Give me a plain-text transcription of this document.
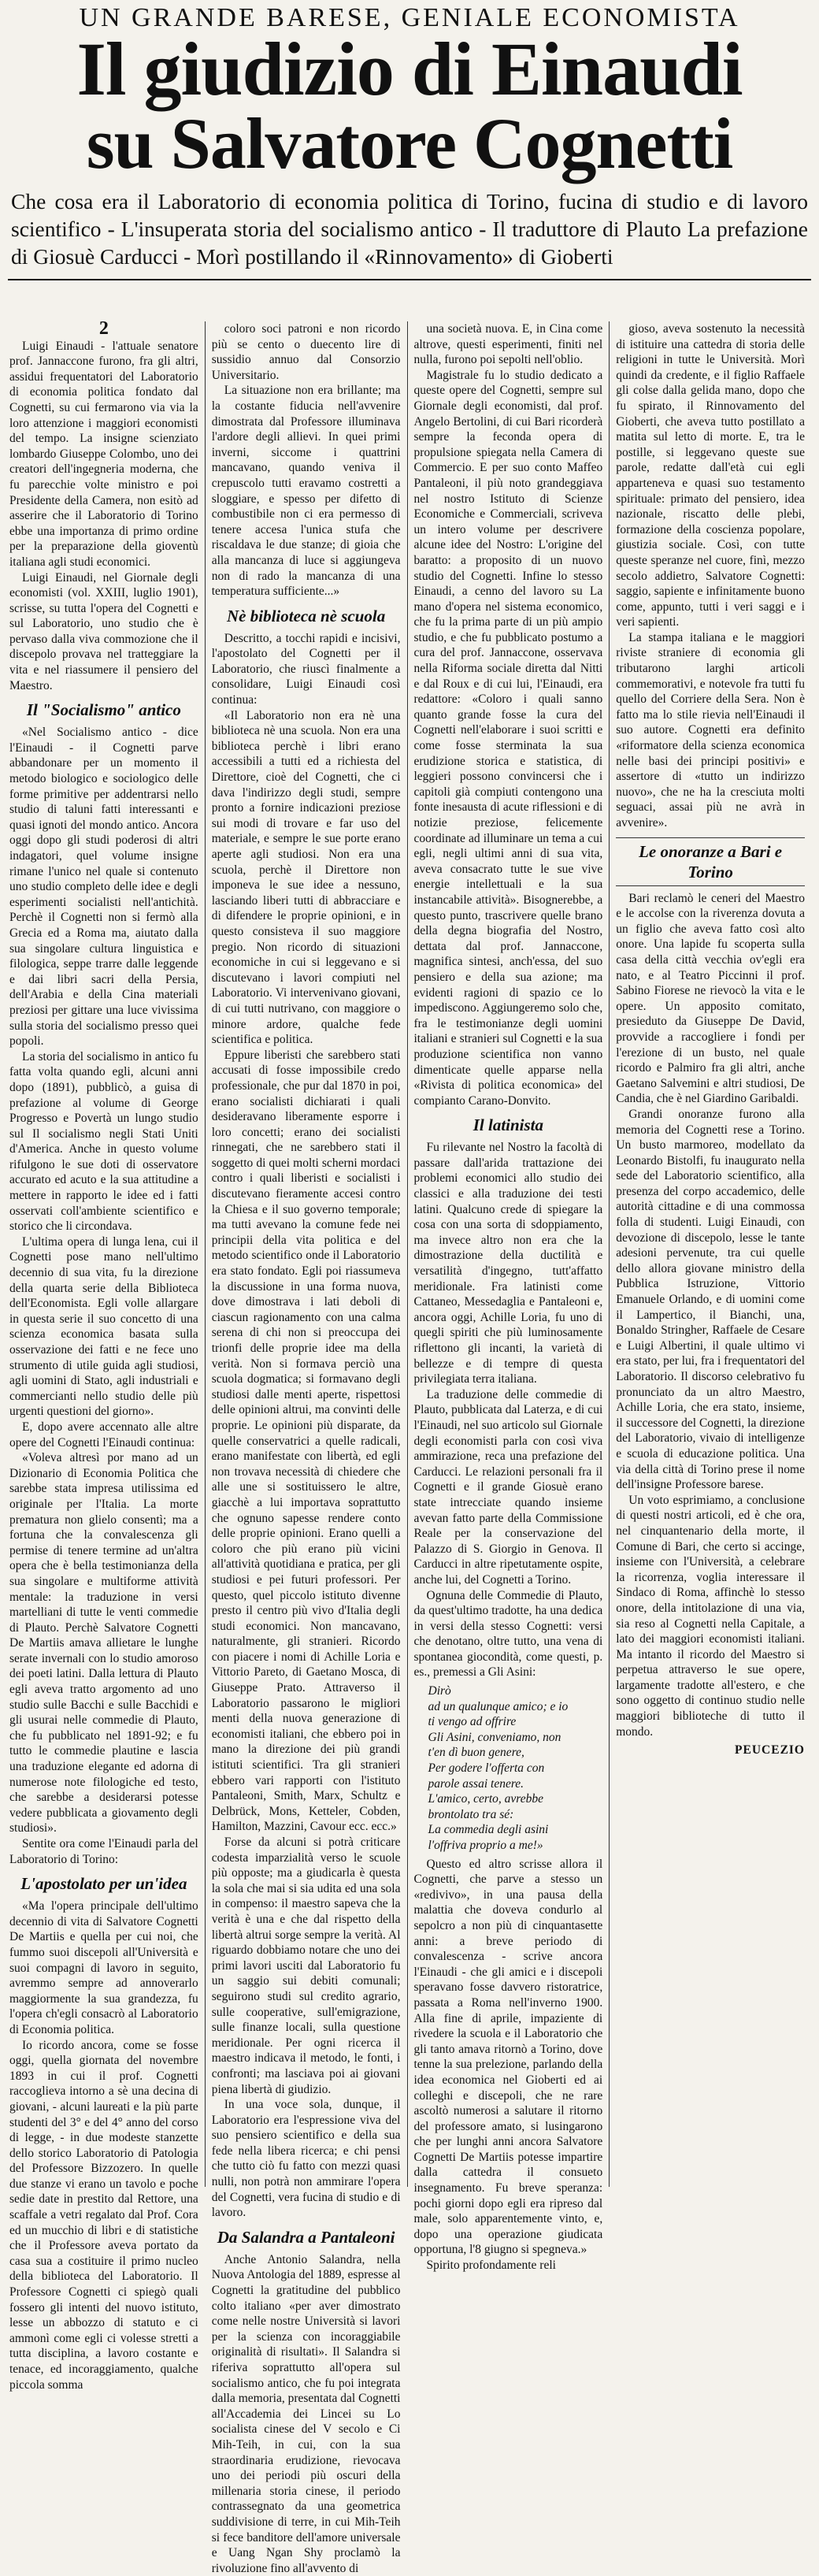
UN GRANDE BARESE, GENIALE ECONOMISTA
Il giudizio di Einaudi
su Salvatore Cognetti
Che cosa era il Laboratorio di economia politica di Torino, fucina di studio e di lavoro scientifico - L'insuperata storia del socialismo antico - Il traduttore di Plauto La prefazione di Giosuè Carducci - Morì postillando il «Rinnovamento» di Gioberti
2

Luigi Einaudi - l'attuale senatore prof. Jannaccone furono, fra gli altri, assidui frequentatori del Laboratorio di economia politica fondato dal Cognetti, su cui fermarono via via la loro attenzione i maggiori economisti del tempo. La insigne scienziato lombardo Giuseppe Colombo, uno dei creatori dell'ingegneria moderna, che fu parecchie volte ministro e poi Presidente della Camera, non esitò ad asserire che il Laboratorio di Torino ebbe una importanza di primo ordine per la preparazione della gioventù italiana agli studi economici.

Luigi Einaudi, nel Giornale degli economisti (vol. XXIII, luglio 1901), scrisse, su tutta l'opera del Cognetti e sul Laboratorio, uno studio che è pervaso dalla viva commozione che il discepolo provava nel tratteggiare la vita e nel riassumere il pensiero del Maestro.

Il "Socialismo" antico

«Nel Socialismo antico - dice l'Einaudi - il Cognetti parve abbandonare per un momento il metodo biologico e sociologico delle forme primitive per addentrarsi nello studio di taluni fatti interessanti e quasi ignoti del mondo antico. Ancora oggi dopo gli studi poderosi di altri indagatori, quel volume insigne rimane l'unico nel quale si contenuto uno studio completo delle idee e degli esperimenti socialisti nell'antichità. Perchè il Cognetti non si fermò alla Grecia ed a Roma ma, aiutato dalla sua singolare cultura linguistica e filologica, seppe trarre dalle leggende e dai libri sacri della Persia, dell'Arabia e della Cina materiali preziosi per gittare una luce vivissima sulla storia del socialismo presso quei popoli.

La storia del socialismo in antico fu fatta volta quando egli, alcuni anni dopo (1891), pubblicò, a guisa di prefazione al volume di George Progresso e Povertà un lungo studio sul Il socialismo negli Stati Uniti d'America. Anche in questo volume rifulgono le sue doti di osservatore accurato ed acuto e la sua attitudine a mettere in rapporto le idee ed i fatti osservati coll'ambiente scientifico e storico che li circondava.

L'ultima opera di lunga lena, cui il Cognetti pose mano nell'ultimo decennio di sua vita, fu la direzione della quarta serie della Biblioteca dell'Economista. Egli volle allargare in questa serie il suo concetto di una scienza economica basata sulla osservazione dei fatti e ne fece uno strumento di utile guida agli studiosi, agli uomini di Stato, agli industriali e commercianti nello studio delle più urgenti questioni del giorno».

E, dopo avere accennato alle altre opere del Cognetti l'Einaudi continua:

«Voleva altresì por mano ad un Dizionario di Economia Politica che sarebbe stata impresa utilissima ed originale per l'Italia. La morte prematura non glielo consentì; ma a fortuna che la convalescenza gli permise di tenere termine ad un'altra opera che è bella testimonianza della sua singolare e multiforme attività mentale: la traduzione in versi martelliani di tutte le venti commedie di Plauto. Perchè Salvatore Cognetti De Martiis amava allietare le lunghe serate invernali con lo studio amoroso dei poeti latini. Dalla lettura di Plauto egli aveva tratto argomento ad uno studio sulle Bacchi e sulle Bacchidi e gli usurai nelle commedie di Plauto, che fu pubblicato nel 1891-92; e fu tutto le commedie plautine e lascia una traduzione elegante ed adorna di numerose note filologiche ed testo, che sarebbe a desiderarsi potesse vedere pubblicata a giovamento degli studiosi».

Sentite ora come l'Einaudi parla del Laboratorio di Torino:

L'apostolato per un'idea

«Ma l'opera principale dell'ultimo decennio di vita di Salvatore Cognetti De Martiis e quella per cui noi, che fummo suoi discepoli all'Università e suoi compagni di lavoro in seguito, avremmo sempre ad annoverarlo maggiormente la sua grandezza, fu l'opera ch'egli consacrò al Laboratorio di Economia politica.

Io ricordo ancora, come se fosse oggi, quella giornata del novembre 1893 in cui il prof. Cognetti raccoglieva intorno a sè una decina di giovani, - alcuni laureati e la più parte studenti del 3° e del 4° anno del corso di legge, - in due modeste stanzette dello storico Laboratorio di Patologia del Professore Bizzozero. In quelle due stanze vi erano un tavolo e poche sedie date in prestito dal Rettore, una scaffale a vetri regalato dal Prof. Cora ed un mucchio di libri e di statistiche che il Professore aveva portato da casa sua a costituire il primo nucleo della biblioteca del Laboratorio. Il Professore Cognetti ci spiegò quali fossero gli intenti del nuovo istituto, lesse un abbozzo di statuto e ci ammonì come egli ci volesse stretti a tutta disciplina, a lavoro costante e tenace, ed incoraggiamento, qualche piccola somma

coloro soci patroni e non ricordo più se cento o duecento lire di sussidio annuo dal Consorzio Universitario.

La situazione non era brillante; ma la costante fiducia nell'avvenire dimostrata dal Professore illuminava l'ardore degli allievi. In quei primi inverni, siccome i quattrini mancavano, quando veniva il crepuscolo tutti eravamo costretti a sloggiare, e spesso per difetto di combustibile non ci era permesso di tenere accesa l'unica stufa che riscaldava le due stanze; di gioia che alla mancanza di luce si aggiungeva non di rado la mancanza di una temperatura sufficiente...»

Nè biblioteca nè scuola

Descritto, a tocchi rapidi e incisivi, l'apostolato del Cognetti per il Laboratorio, che riuscì finalmente a consolidare, Luigi Einaudi così continua:

«Il Laboratorio non era nè una biblioteca nè una scuola. Non era una biblioteca perchè i libri erano accessibili a tutti ed a richiesta del Direttore, cioè del Cognetti, che ci dava l'indirizzo degli studi, sempre pronto a fornire indicazioni preziose sui modi di trovare e far uso del materiale, e sempre le sue porte erano aperte agli studiosi. Non era una scuola, perchè il Direttore non imponeva le sue idee a nessuno, lasciando liberi tutti di abbracciare e di difendere le proprie opinioni, e in questo consisteva il suo maggiore pregio. Non ricordo di situazioni economiche in cui si leggevano e si discutevano i lavori compiuti nel Laboratorio. Vi intervenivano giovani, di cui tutti nutrivano, con maggiore o minore ardore, qualche fede scientifica e politica.

Eppure liberisti che sarebbero stati accusati di fosse impossibile credo professionale, che pur dal 1870 in poi, erano socialisti dichiarati i quali desideravano liberamente esporre i loro concetti; erano dei socialisti rinnegati, che ne sarebbero stati il soggetto di quei molti scherni mordaci contro i quali liberisti e socialisti i discutevano fieramente accesi contro la Chiesa e il suo governo temporale; ma tutti avevano la comune fede nei principii della vita politica e del metodo scientifico onde il Laboratorio era stato fondato. Egli poi riassumeva la discussione in una forma nuova, dove dimostrava i lati deboli di ciascun ragionamento con una calma serena di chi non si preoccupa dei trionfi delle proprie idee ma della verità. Non si formava perciò una scuola dogmatica; si formavano degli studiosi dalle menti aperte, rispettosi delle opinioni altrui, ma convinti delle proprie. Le opinioni più disparate, da quelle conservatrici a quelle radicali, erano manifestate con libertà, ed egli non trovava necessità di chiedere che alle une si sostituissero le altre, giacchè a lui importava soprattutto che ognuno sapesse rendere conto delle proprie opinioni. Erano quelli a coloro che più erano più vicini all'attività quotidiana e pratica, per gli studiosi e pei futuri professori. Per questo, quel piccolo istituto divenne presto il centro più vivo d'Italia degli studi economici. Non mancavano, naturalmente, gli stranieri. Ricordo con piacere i nomi di Achille Loria e Vittorio Pareto, di Gaetano Mosca, di Giuseppe Prato. Attraverso il Laboratorio passarono le migliori menti della nuova generazione di economisti italiani, che ebbero poi in mano la direzione dei più grandi istituti scientifici. Tra gli stranieri ebbero vari rapporti con l'istituto Pantaleoni, Smith, Marx, Schultz e Delbrück, Mons, Ketteler, Cobden, Hamilton, Mazzini, Cavour ecc. ecc.»

Forse da alcuni si potrà criticare codesta imparzialità verso le scuole più opposte; ma a giudicarla è questa la sola che mai si sia udita ed una sola in compenso: il maestro sapeva che la verità è una e che dal rispetto della libertà altrui sorge sempre la verità. Al riguardo dobbiamo notare che uno dei primi lavori usciti dal Laboratorio fu un saggio sui debiti comunali; seguirono studi sul credito agrario, sulle cooperative, sull'emigrazione, sulle finanze locali, sulla questione meridionale. Per ogni ricerca il maestro indicava il metodo, le fonti, i confronti; ma lasciava poi ai giovani piena libertà di giudizio.

In una voce sola, dunque, il Laboratorio era l'espressione viva del suo pensiero scientifico e della sua fede nella libera ricerca; e chi pensi che tutto ciò fu fatto con mezzi quasi nulli, non potrà non ammirare l'opera del Cognetti, vera fucina di studio e di lavoro.

Da Salandra a Pantaleoni

Anche Antonio Salandra, nella Nuova Antologia del 1889, espresse al Cognetti la gratitudine del pubblico colto italiano «per aver dimostrato come nelle nostre Università si lavori per la scienza con incoraggiabile originalità di risultati». Il Salandra si riferiva soprattutto all'opera sul socialismo antico, che fu poi integrata dalla memoria, presentata dal Cognetti all'Accademia dei Lincei su Lo socialista cinese del V secolo e Ci Mih-Teih, in cui, con la sua straordinaria erudizione, rievocava uno dei periodi più oscuri della millenaria storia cinese, il periodo contrassegnato da una geometrica suddivisione di terre, in cui Mih-Teih si fece banditore dell'amore universale e Uang Ngan Shy proclamò la rivoluzione fino all'avvento di

una società nuova. E, in Cina come altrove, questi esperimenti, finiti nel nulla, furono poi sepolti nell'oblio.

Magistrale fu lo studio dedicato a queste opere del Cognetti, sempre sul Giornale degli economisti, dal prof. Angelo Bertolini, di cui Bari ricorderà sempre la feconda opera di propulsione spiegata nella Camera di Commercio. E per suo conto Maffeo Pantaleoni, il più noto grandeggiava nel nostro Istituto di Scienze Economiche e Commerciali, scriveva un intero volume per descrivere alcune idee del Nostro: L'origine del baratto: a proposito di un nuovo studio del Cognetti. Infine lo stesso Einaudi, a cenno del lavoro su La mano d'opera nel sistema economico, che fu la prima parte di un più ampio studio, e che fu pubblicato postumo a cura del prof. Jannaccone, osservava nella Riforma sociale diretta dal Nitti e dal Roux e di cui lui, l'Einaudi, era redattore: «Coloro i quali sanno quanto grande fosse la cura del Cognetti nell'elaborare i suoi scritti e come fosse sterminata la sua erudizione storica e statistica, di leggieri possono convincersi che i capitoli già compiuti contengono una fonte inesausta di acute riflessioni e di notizie preziose, felicemente coordinate ad illuminare un tema a cui egli, negli ultimi anni di sua vita, aveva consacrato tutte le sue vive energie intellettuali e la sua instancabile attività». Bisognerebbe, a questo punto, trascrivere quelle brano della degna biografia del Nostro, dettata dal prof. Jannaccone, magnifica sintesi, anch'essa, del suo pensiero e della sua azione; ma evidenti ragioni di spazio ce lo impediscono. Aggiungeremo solo che, fra le testimonianze degli uomini italiani e stranieri sul Cognetti e la sua produzione scientifica non vanno dimenticate quelle apparse nella «Rivista di politica economica» del compianto Carano-Donvito.

Il latinista

Fu rilevante nel Nostro la facoltà di passare dall'arida trattazione dei problemi economici allo studio dei classici e alla traduzione dei testi latini. Qualcuno crede di spiegare la cosa con una sorta di sdoppiamento, ma invece altro non era che la dimostrazione della ductilità e versatilità d'ingegno, tutt'affatto meridionale. Fra latinisti come Cattaneo, Messedaglia e Pantaleoni e, ancora oggi, Achille Loria, fu uno di quegli spiriti che più luminosamente riflettono gli incanti, la varietà di bellezze e di tempre di questa privilegiata terra italiana.

La traduzione delle commedie di Plauto, pubblicata dal Laterza, e di cui l'Einaudi, nel suo articolo sul Giornale degli economisti parla con così viva ammirazione, reca una prefazione del Carducci. Le relazioni personali fra il Cognetti e il grande Giosuè erano state intrecciate quando insieme avevan fatto parte della Commissione Reale per la conservazione del Palazzo di S. Giorgio in Genova. Il Carducci in altre ripetutamente ospite, anche lui, del Cognetti a Torino.

Ognuna delle Commedie di Plauto, da quest'ultimo tradotte, ha una dedica in versi della stesso Cognetti: versi che denotano, oltre tutto, una vena di spontanea giocondità, come questi, p. es., premessi a Gli Asini:

Dirò
ad un qualunque amico; e io
ti vengo ad offrire
Gli Asini, conveniamo, non
t'en dì buon genere,
Per godere l'offerta con
parole assai tenere.
L'amico, certo, avrebbe
brontolato tra sé:
La commedia degli asini
l'offriva proprio a me!»

Questo ed altro scrisse allora il Cognetti, che parve a stesso un «redivivo», in una pausa della malattia che doveva condurlo al sepolcro a non più di cinquantasette anni: a breve periodo di convalescenza - scrive ancora l'Einaudi - che gli amici e i discepoli speravano fosse davvero ristoratrice, passata a Roma nell'inverno 1900. Alla fine di aprile, impaziente di rivedere la scuola e il Laboratorio che gli tanto amava ritornò a Torino, dove tenne la sua prelezione, parlando della idea economica nel Gioberti ed ai colleghi e discepoli, che ne rare ascoltò numerosi a salutare il ritorno del professore amato, si lusingarono che per lunghi anni ancora Salvatore Cognetti De Martiis potesse impartire dalla cattedra il consueto insegnamento. Fu breve speranza: pochi giorni dopo egli era ripreso dal male, solo apparentemente vinto, e, dopo una operazione giudicata opportuna, l'8 giugno si spegneva.»

Spirito profondamente reli

gioso, aveva sostenuto la necessità di istituire una cattedra di storia delle religioni in tutte le Università. Morì quindi da credente, e il figlio Raffaele gli colse dalla gelida mano, dopo che fu spirato, il Rinnovamento del Gioberti, che aveva tutto postillato a matita sul letto di morte. E, tra le postille, si leggevano queste sue parole, redatte dall'età cui egli apparteneva e quasi suo testamento spirituale: primato del pensiero, idea nazionale, riscatto delle plebi, formazione della coscienza popolare, giustizia sociale. Così, con tutte queste speranze nel cuore, finì, mezzo secolo addietro, Salvatore Cognetti: saggio, sapiente e infinitamente buono come, appunto, tutti i veri saggi e i veri sapienti.

La stampa italiana e le maggiori riviste straniere di economia gli tributarono larghi articoli commemorativi, e notevole fra tutti fu quello del Corriere della Sera. Non è fatto ma lo stile rievia nell'Einaudi il suo autore. Cognetti era definito «riformatore della scienza economica nelle basi dei principi positivi» e assertore di «tutto un indirizzo nuovo», che ne ha la cresciuta molti seguaci, assai più ne avrà in avvenire».

Le onoranze a Bari e Torino

Bari reclamò le ceneri del Maestro e le accolse con la riverenza dovuta a un figlio che aveva fatto così alto onore. Una lapide fu scoperta sulla casa della città vecchia ov'egli era nato, e al Teatro Piccinni il prof. Sabino Fiorese ne rievocò la vita e le opere. Un apposito comitato, presieduto da Giuseppe De David, provvide a raccogliere i fondi per l'erezione di un busto, nel quale ricordo e Palmiro fra gli altri, anche Gaetano Salvemini e altri studiosi, De Candia, che è nel Giardino Garibaldi.

Grandi onoranze furono alla memoria del Cognetti rese a Torino. Un busto marmoreo, modellato da Leonardo Bistolfi, fu inaugurato nella sede del Laboratorio scientifico, alla presenza del corpo accademico, delle autorità cittadine e di una commossa folla di studenti. Luigi Einaudi, con devozione di discepolo, lesse le tante adesioni pervenute, tra cui quelle dello allora giovane ministro della Pubblica Istruzione, Vittorio Emanuele Orlando, e di uomini come il Lampertico, il Bianchi, una, Bonaldo Stringher, Raffaele de Cesare e Luigi Albertini, il quale ultimo vi era stato, per lui, fra i frequentatori del Laboratorio. Il discorso celebrativo fu pronunciato da un altro Maestro, Achille Loria, che era stato, insieme, il successore del Cognetti, la direzione del Laboratorio, vivaio di intelligenze e scuola di educazione politica. Una via della città di Torino prese il nome dell'insigne Professore barese.

Un voto esprimiamo, a conclusione di questi nostri articoli, ed è che ora, nel cinquantenario della morte, il Comune di Bari, che certo si accinge, insieme con l'Università, a celebrare la ricorrenza, voglia interessare il Sindaco di Roma, affinchè lo stesso onore, della intitolazione di una via, sia reso al Cognetti nella Capitale, a lato dei maggiori economisti italiani. Ma intanto il ricordo del Maestro si perpetua attraverso le sue opere, largamente tradotte all'estero, e che sono oggetto di continuo studio nelle maggiori biblioteche di tutto il mondo.

PEUCEZIO
